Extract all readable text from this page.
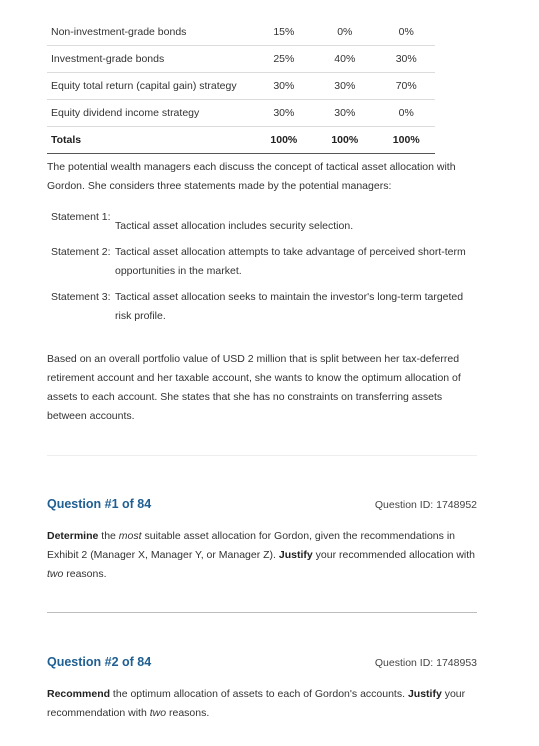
Non-investment-grade bonds	15%	0%	0%
Investment-grade bonds	25%	40%	30%
Equity total return (capital gain) strategy	30%	30%	70%
Equity dividend income strategy	30%	30%	0%
Totals	100%	100%	100%

The potential wealth managers each discuss the concept of tactical asset allocation with Gordon. She considers three statements made by the potential managers:

Statement 1:
Tactical asset allocation includes security selection.
Statement 2: Tactical asset allocation attempts to take advantage of perceived short-term opportunities in the market.
Statement 3: Tactical asset allocation seeks to maintain the investor's long-term targeted risk profile.

Based on an overall portfolio value of USD 2 million that is split between her tax-deferred retirement account and her taxable account, she wants to know the optimum allocation of assets to each account. She states that she has no constraints on transferring assets between accounts.

Question #1 of 84	Question ID: 1748952

Determine the most suitable asset allocation for Gordon, given the recommendations in Exhibit 2 (Manager X, Manager Y, or Manager Z). Justify your recommended allocation with two reasons.

Question #2 of 84	Question ID: 1748953

Recommend the optimum allocation of assets to each of Gordon's accounts. Justify your recommendation with two reasons.
